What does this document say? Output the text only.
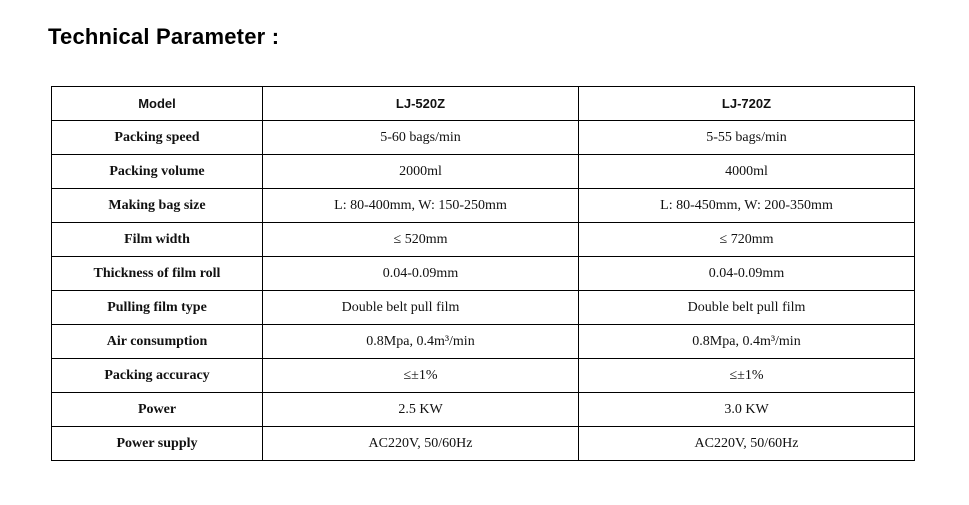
Technical Parameter :
Model	LJ-520Z	LJ-720Z
Packing speed	5-60 bags/min	5-55 bags/min
Packing volume	2000ml	4000ml
Making bag size	L: 80-400mm, W: 150-250mm	L: 80-450mm, W: 200-350mm
Film width	≤ 520mm	≤ 720mm
Thickness of film roll	0.04-0.09mm	0.04-0.09mm
Pulling film type	Double belt pull film	Double belt pull film
Air consumption	0.8Mpa, 0.4m³/min	0.8Mpa, 0.4m³/min
Packing accuracy	≤±1%	≤±1%
Power	2.5 KW	3.0 KW
Power supply	AC220V, 50/60Hz	AC220V, 50/60Hz
